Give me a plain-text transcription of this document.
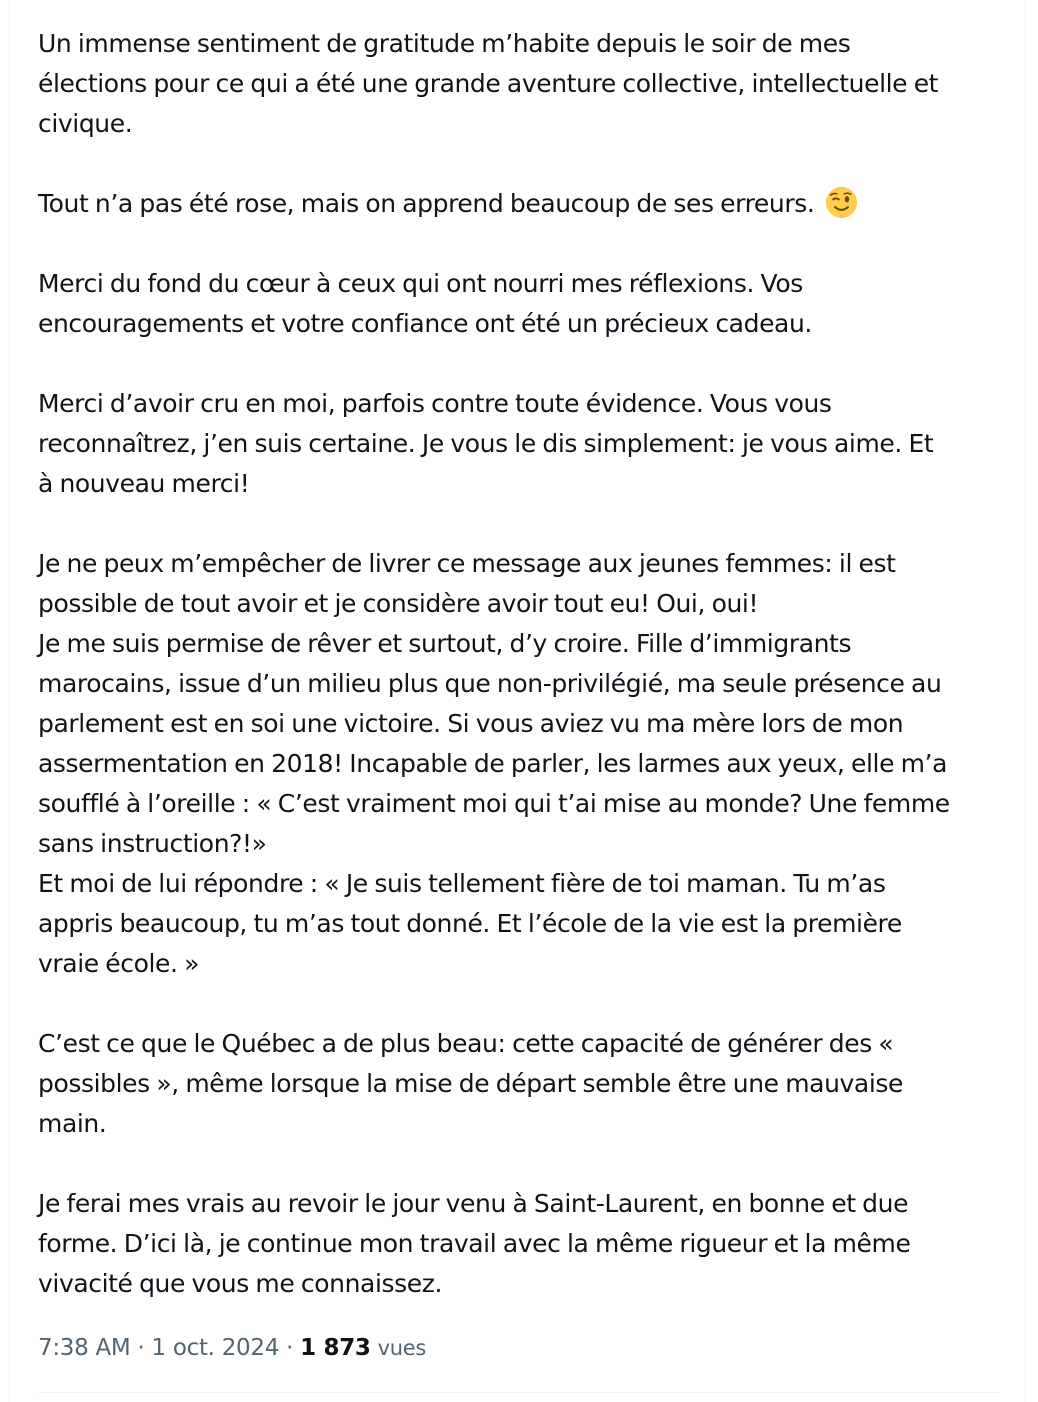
Un immense sentiment de gratitude m’habite depuis le soir de mes
élections pour ce qui a été une grande aventure collective, intellectuelle et
civique.

Tout n’a pas été rose, mais on apprend beaucoup de ses erreurs.

Merci du fond du cœur à ceux qui ont nourri mes réflexions. Vos
encouragements et votre confiance ont été un précieux cadeau.

Merci d’avoir cru en moi, parfois contre toute évidence. Vous vous
reconnaîtrez, j’en suis certaine. Je vous le dis simplement: je vous aime. Et
à nouveau merci!

Je ne peux m’empêcher de livrer ce message aux jeunes femmes: il est
possible de tout avoir et je considère avoir tout eu! Oui, oui!
Je me suis permise de rêver et surtout, d’y croire. Fille d’immigrants
marocains, issue d’un milieu plus que non-privilégié, ma seule présence au
parlement est en soi une victoire. Si vous aviez vu ma mère lors de mon
assermentation en 2018! Incapable de parler, les larmes aux yeux, elle m’a
soufflé à l’oreille : « C’est vraiment moi qui t’ai mise au monde? Une femme
sans instruction?!»
Et moi de lui répondre : « Je suis tellement fière de toi maman. Tu m’as
appris beaucoup, tu m’as tout donné. Et l’école de la vie est la première
vraie école. »

C’est ce que le Québec a de plus beau: cette capacité de générer des «
possibles », même lorsque la mise de départ semble être une mauvaise
main.

Je ferai mes vrais au revoir le jour venu à Saint-Laurent, en bonne et due
forme. D’ici là, je continue mon travail avec la même rigueur et la même
vivacité que vous me connaissez.

7:38 AM · 1 oct. 2024 · 1 873 vues
